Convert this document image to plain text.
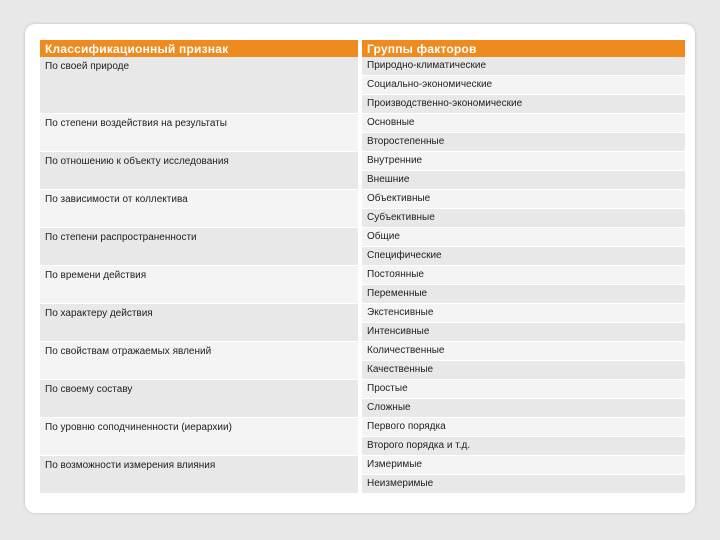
Классификационный признак		Группы факторов
По своей природе		Природно-климатические
		Социально-экономические
		Производственно-экономические
По степени воздействия на результаты		Основные
		Второстепенные
По отношению к объекту исследования		Внутренние
		Внешние
По зависимости от коллектива		Объективные
		Субъективные
По степени распространенности		Общие
		Специфические
По времени действия		Постоянные
		Переменные
По характеру действия		Экстенсивные
		Интенсивные
По свойствам отражаемых явлений		Количественные
		Качественные
По своему составу		Простые
		Сложные
По уровню соподчиненности (иерархии)		Первого порядка
		Второго порядка и т.д.
По возможности измерения влияния		Измеримые
		Неизмеримые
